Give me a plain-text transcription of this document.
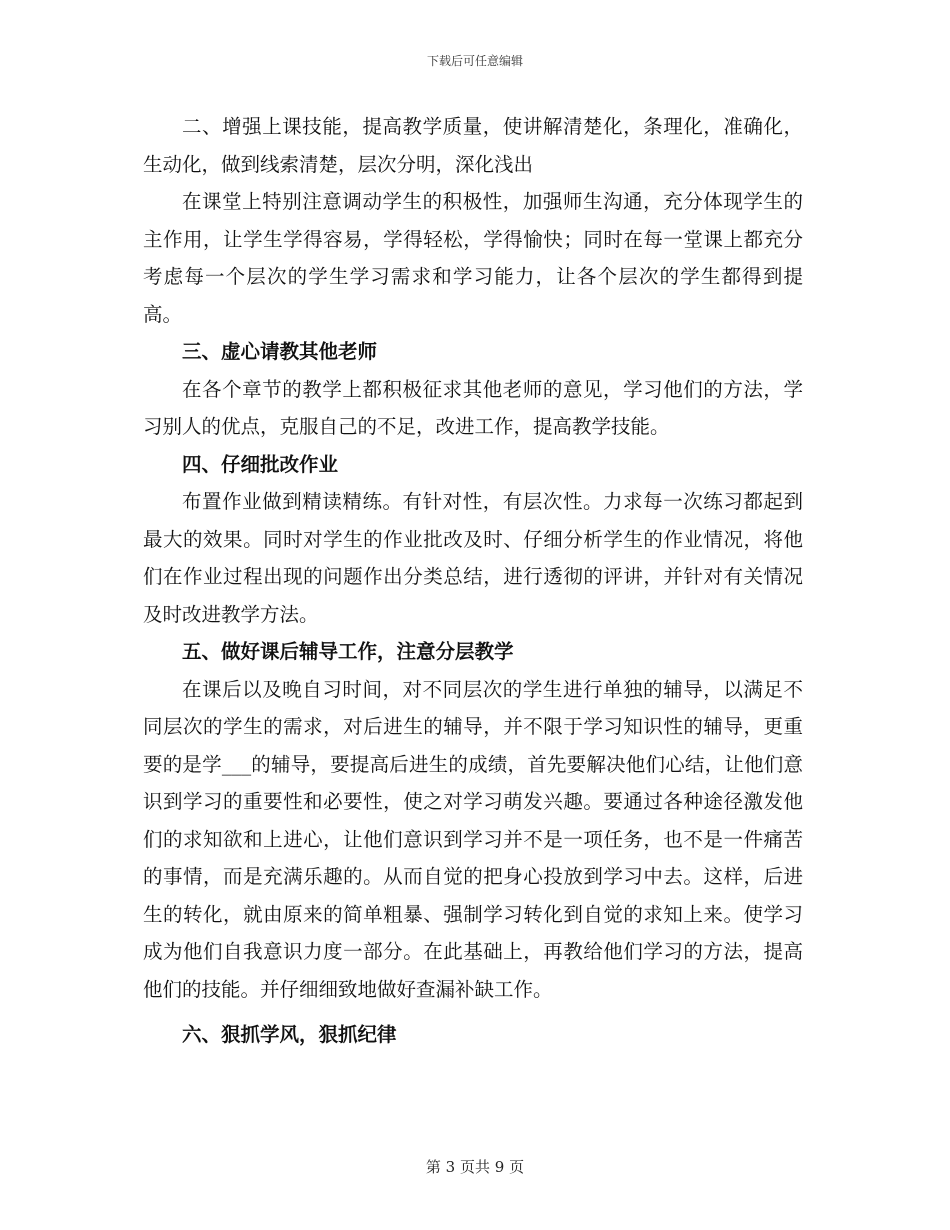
下载后可任意编辑

二、增强上课技能，提高教学质量，使讲解清楚化，条理化，准确化，生动化，做到线索清楚，层次分明，深化浅出

在课堂上特别注意调动学生的积极性，加强师生沟通，充分体现学生的主作用，让学生学得容易，学得轻松，学得愉快；同时在每一堂课上都充分考虑每一个层次的学生学习需求和学习能力，让各个层次的学生都得到提高。

三、虚心请教其他老师

在各个章节的教学上都积极征求其他老师的意见，学习他们的方法，学习别人的优点，克服自己的不足，改进工作，提高教学技能。

四、仔细批改作业

布置作业做到精读精练。有针对性，有层次性。力求每一次练习都起到最大的效果。同时对学生的作业批改及时、仔细分析学生的作业情况，将他们在作业过程出现的问题作出分类总结，进行透彻的评讲，并针对有关情况及时改进教学方法。

五、做好课后辅导工作，注意分层教学

在课后以及晚自习时间，对不同层次的学生进行单独的辅导，以满足不同层次的学生的需求，对后进生的辅导，并不限于学习知识性的辅导，更重要的是学___的辅导，要提高后进生的成绩，首先要解决他们心结，让他们意识到学习的重要性和必要性，使之对学习萌发兴趣。要通过各种途径激发他们的求知欲和上进心，让他们意识到学习并不是一项任务，也不是一件痛苦的事情，而是充满乐趣的。从而自觉的把身心投放到学习中去。这样，后进生的转化，就由原来的简单粗暴、强制学习转化到自觉的求知上来。使学习成为他们自我意识力度一部分。在此基础上，再教给他们学习的方法，提高他们的技能。并仔细细致地做好查漏补缺工作。

六、狠抓学风，狠抓纪律

第 3 页共 9 页
